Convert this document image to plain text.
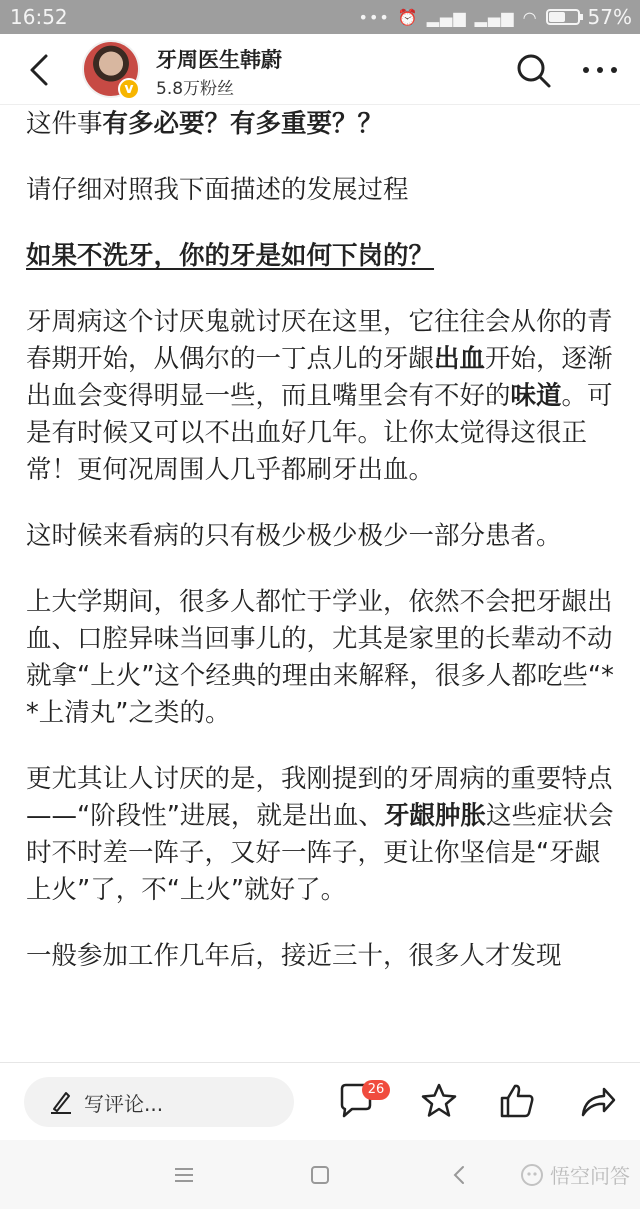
16:52	••• ⏰ ▂▄▆ ▂▄▆ ◠	57%
v
牙周医生韩蔚
5.8万粉丝

这件事有多必要？有多重要？？

请仔细对照我下面描述的发展过程

如果不洗牙，你的牙是如何下岗的？

牙周病这个讨厌鬼就讨厌在这里，它往往会从你的青春期开始，从偶尔的一丁点儿的牙龈出血开始，逐渐出血会变得明显一些，而且嘴里会有不好的味道。可是有时候又可以不出血好几年。让你太觉得这很正常！更何况周围人几乎都刷牙出血。

这时候来看病的只有极少极少极少一部分患者。

上大学期间，很多人都忙于学业，依然不会把牙龈出血、口腔异味当回事儿的，尤其是家里的长辈动不动就拿“上火”这个经典的理由来解释，很多人都吃些“* *上清丸”之类的。

更尤其让人讨厌的是，我刚提到的牙周病的重要特点——“阶段性”进展，就是出血、牙龈肿胀这些症状会时不时差一阵子，又好一阵子，更让你坚信是“牙龈上火”了，不“上火”就好了。

一般参加工作几年后，接近三十，很多人才发现

写评论...
26
悟空问答
